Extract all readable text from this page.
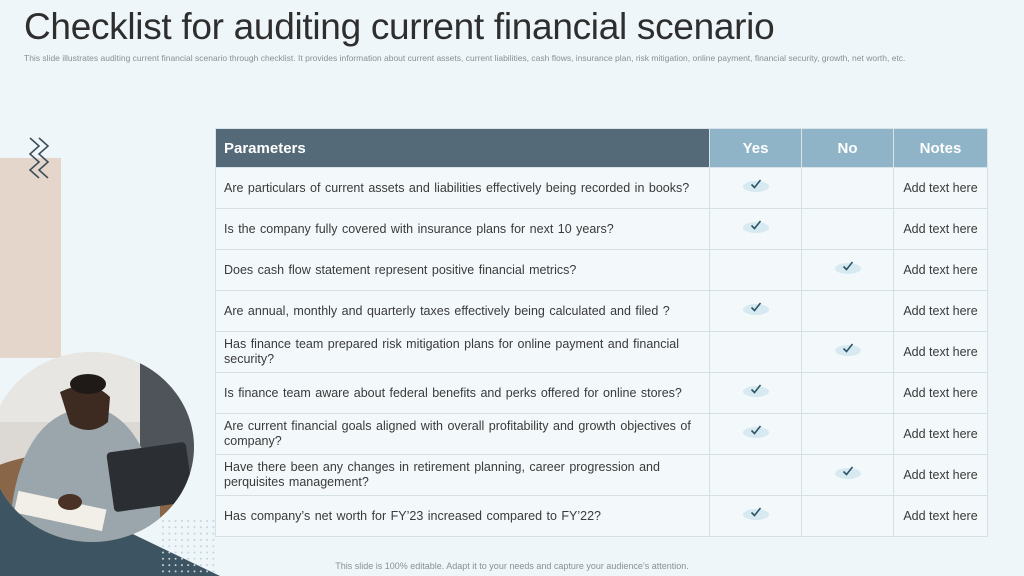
Checklist for auditing current financial scenario
This slide illustrates auditing current financial scenario through checklist. It provides information about current assets, current liabilities, cash flows, insurance plan, risk mitigation, online payment, financial security, growth, net worth, etc.
Parameters	Yes	No	Notes
Are particulars of current assets and liabilities effectively being recorded in books?			Add text here
Is the company fully covered with insurance plans for next 10 years?			Add text here
Does cash flow statement represent positive financial metrics?			Add text here
Are annual, monthly and quarterly taxes effectively being calculated and filed ?			Add text here
Has finance team prepared risk mitigation plans for online payment and financial security?			Add text here
Is finance team aware about federal benefits and perks offered for online stores?			Add text here
Are current financial goals aligned with overall profitability and growth objectives of company?			Add text here
Have there been any changes in retirement planning, career progression and perquisites management?			Add text here
Has company’s net worth for FY’23 increased compared to FY’22?			Add text here
This slide is 100% editable. Adapt it to your needs and capture your audience’s attention.
